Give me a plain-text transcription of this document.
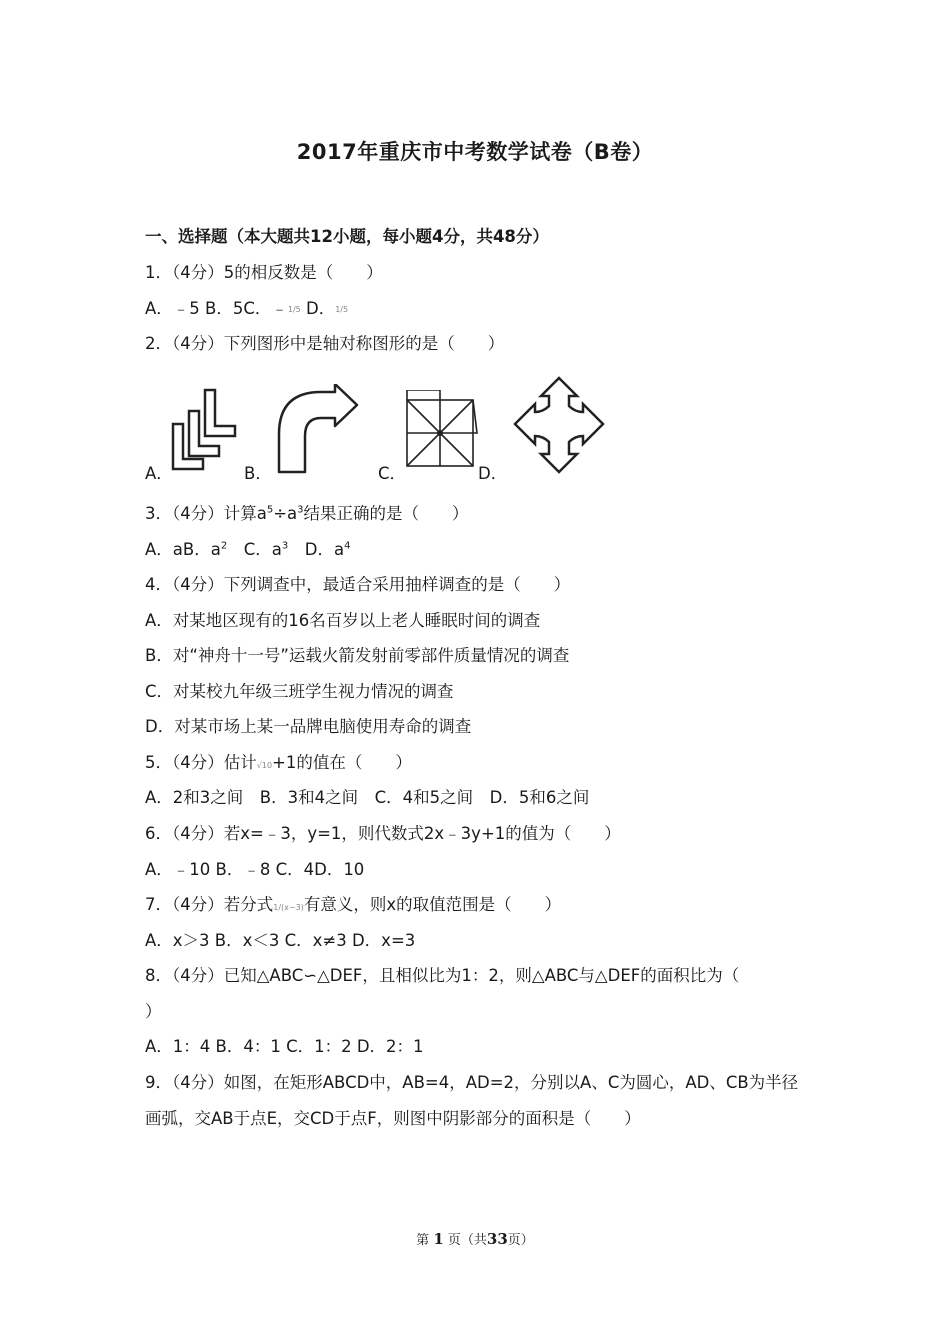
2017年重庆市中考数学试卷（B卷）
一、选择题（本大题共12小题，每小题4分，共48分）
1．（4分）5的相反数是（　　）
A．﹣5 B．5C．﹣1/5 D．1/5
2．（4分）下列图形中是轴对称图形的是（　　）
A．	B．	C．	D．
3．（4分）计算$a^5\div a^3$结果正确的是（　　）
A．aB．$a^2$　C．$a^3$　D．$a^4$
4．（4分）下列调查中，最适合采用抽样调查的是（　　）
A．对某地区现有的16名百岁以上老人睡眠时间的调查
B．对“神舟十一号”运载火箭发射前零部件质量情况的调查
C．对某校九年级三班学生视力情况的调查
D．对某市场上某一品牌电脑使用寿命的调查
5．（4分）估计√10+1的值在（　　）
A．2和3之间　B．3和4之间　C．4和5之间　D．5和6之间
6．（4分）若x=﹣3，y=1，则代数式2x﹣3y+1的值为（　　）
A．﹣10 B．﹣8 C．4D．10
7．（4分）若分式1/(x−3)有意义，则x的取值范围是（　　）
A．x＞3 B．x＜3 C．x≠3 D．x=3
8．（4分）已知△ABC∽△DEF，且相似比为1：2，则△ABC与△DEF的面积比为（
）
A．1：4 B．4：1 C．1：2 D．2：1
9．（4分）如图，在矩形ABCD中，AB=4，AD=2，分别以A、C为圆心，AD、CB为半径
画弧，交AB于点E，交CD于点F，则图中阴影部分的面积是（　　）
第 1 页（共33页）
